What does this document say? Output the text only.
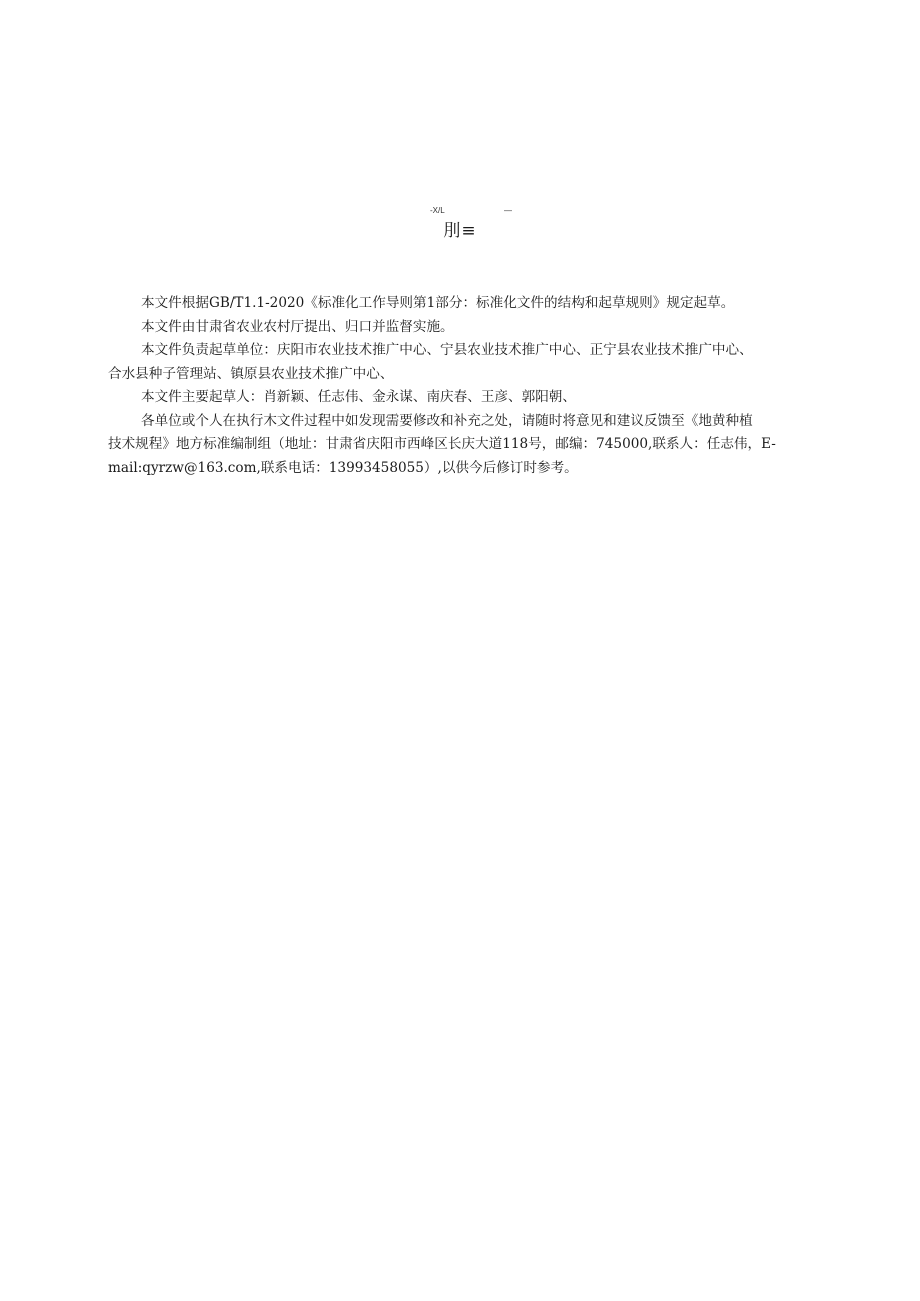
-X/L	—
刖≡
本文件根据GB/T1.1-2020《标准化工作导则第1部分：标准化文件的结构和起草规则》规定起草。
本文件由甘肃省农业农村厅提出、归口并监督实施。
本文件负责起草单位：庆阳市农业技术推广中心、宁县农业技术推广中心、正宁县农业技术推广中心、
合水县种子管理站、镇原县农业技术推广中心、
本文件主要起草人：肖新颖、任志伟、金永谋、南庆春、王彦、郭阳朝、
各单位或个人在执行木文件过程中如发现需要修改和补充之处，请随时将意见和建议反馈至《地黄种植
技术规程》地方标准编制组（地址：甘肃省庆阳市西峰区长庆大道118号，邮编：745000,联系人：任志伟，E-
mail:qyrzw@163.com,联系电话：13993458055）,以供今后修订时参考。
